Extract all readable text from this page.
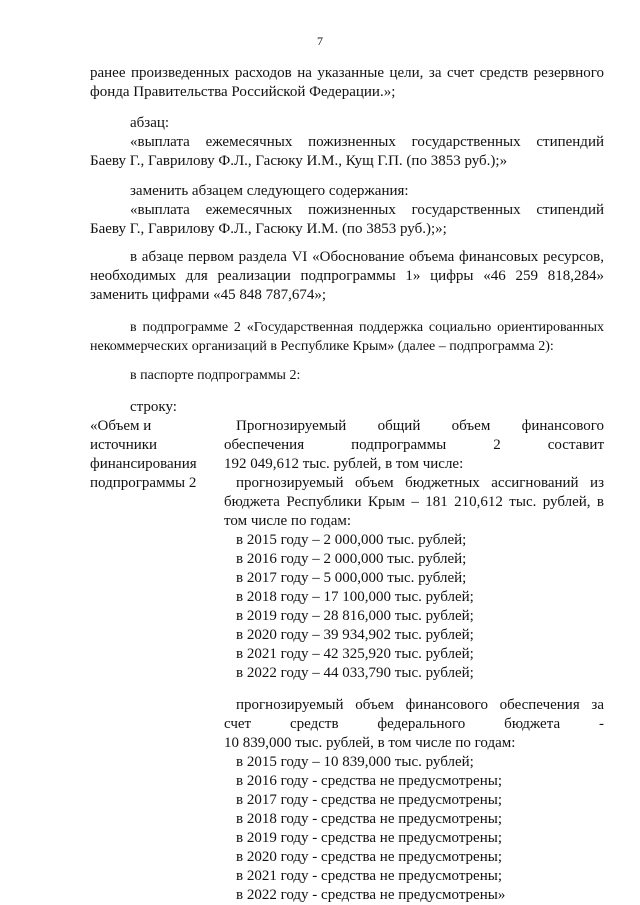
7
ранее произведенных расходов на указанные цели, за счет средств резервного
фонда Правительства Российской Федерации.»;
абзац:
«выплата ежемесячных пожизненных государственных стипендий
Баеву Г., Гаврилову Ф.Л., Гасюку И.М., Кущ Г.П. (по 3853 руб.);»
заменить абзацем следующего содержания:
«выплата ежемесячных пожизненных государственных стипендий
Баеву Г., Гаврилову Ф.Л., Гасюку И.М. (по 3853 руб.);»;
в абзаце первом раздела VI «Обоснование объема финансовых ресурсов,
необходимых для реализации подпрограммы 1» цифры «46 259 818,284»
заменить цифрами «45 848 787,674»;
в подпрограмме 2 «Государственная поддержка социально ориентированных
некоммерческих организаций в Республике Крым» (далее – подпрограмма 2):
в паспорте подпрограммы 2:
строку:
«Объем и
источники
финансирования
подпрограммы 2
Прогнозируемый общий объем финансового
обеспечения подпрограммы 2 составит
192 049,612 тыс. рублей, в том числе:
прогнозируемый объем бюджетных ассигнований из
бюджета Республики Крым – 181 210,612 тыс. рублей, в
том числе по годам:
в 2015 году – 2 000,000 тыс. рублей;
в 2016 году – 2 000,000 тыс. рублей;
в 2017 году – 5 000,000 тыс. рублей;
в 2018 году – 17 100,000 тыс. рублей;
в 2019 году – 28 816,000 тыс. рублей;
в 2020 году – 39 934,902 тыс. рублей;
в 2021 году – 42 325,920 тыс. рублей;
в 2022 году – 44 033,790 тыс. рублей;
прогнозируемый объем финансового обеспечения за
счет средств федерального бюджета -
10 839,000 тыс. рублей, в том числе по годам:
в 2015 году – 10 839,000 тыс. рублей;
в 2016 году - средства не предусмотрены;
в 2017 году - средства не предусмотрены;
в 2018 году - средства не предусмотрены;
в 2019 году - средства не предусмотрены;
в 2020 году - средства не предусмотрены;
в 2021 году - средства не предусмотрены;
в 2022 году - средства не предусмотрены»
